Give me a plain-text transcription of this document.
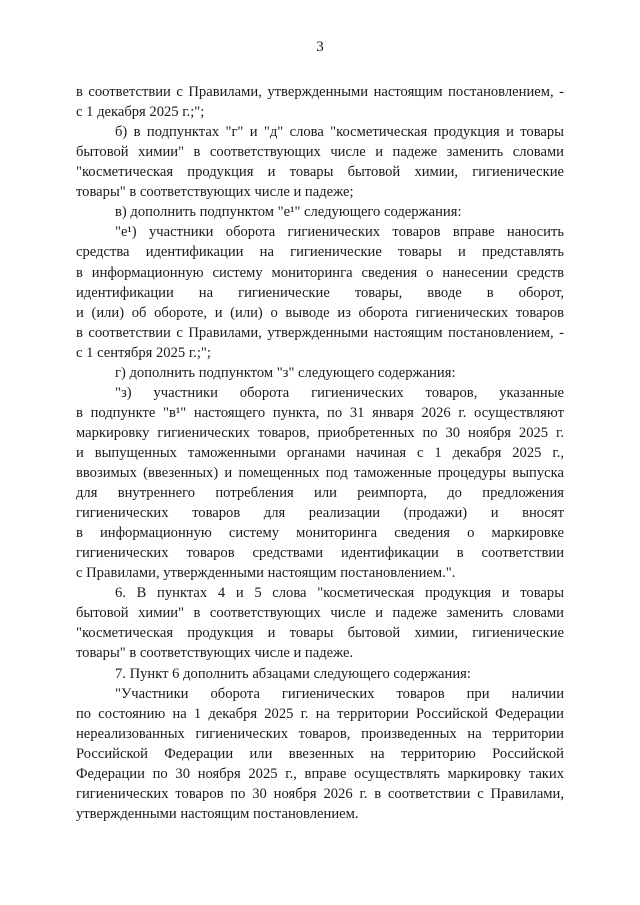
3
в соответствии с Правилами, утвержденными настоящим постановлением, -
с 1 декабря 2025 г.;";
б) в подпунктах "г" и "д" слова "косметическая продукция и товары
бытовой химии" в соответствующих числе и падеже заменить словами
"косметическая продукция и товары бытовой химии, гигиенические
товары" в соответствующих числе и падеже;
в) дополнить подпунктом "е¹" следующего содержания:
"е¹) участники оборота гигиенических товаров вправе наносить
средства идентификации на гигиенические товары и представлять
в информационную систему мониторинга сведения о нанесении средств
идентификации на гигиенические товары, вводе в оборот,
и (или) об обороте, и (или) о выводе из оборота гигиенических товаров
в соответствии с Правилами, утвержденными настоящим постановлением, -
с 1 сентября 2025 г.;";
г) дополнить подпунктом "з" следующего содержания:
"з) участники оборота гигиенических товаров, указанные
в подпункте "в¹" настоящего пункта, по 31 января 2026 г. осуществляют
маркировку гигиенических товаров, приобретенных по 30 ноября 2025 г.
и выпущенных таможенными органами начиная с 1 декабря 2025 г.,
ввозимых (ввезенных) и помещенных под таможенные процедуры выпуска
для внутреннего потребления или реимпорта, до предложения
гигиенических товаров для реализации (продажи) и вносят
в информационную систему мониторинга сведения о маркировке
гигиенических товаров средствами идентификации в соответствии
с Правилами, утвержденными настоящим постановлением.".
6. В пунктах 4 и 5 слова "косметическая продукция и товары
бытовой химии" в соответствующих числе и падеже заменить словами
"косметическая продукция и товары бытовой химии, гигиенические
товары" в соответствующих числе и падеже.
7. Пункт 6 дополнить абзацами следующего содержания:
"Участники оборота гигиенических товаров при наличии
по состоянию на 1 декабря 2025 г. на территории Российской Федерации
нереализованных гигиенических товаров, произведенных на территории
Российской Федерации или ввезенных на территорию Российской
Федерации по 30 ноября 2025 г., вправе осуществлять маркировку таких
гигиенических товаров по 30 ноября 2026 г. в соответствии с Правилами,
утвержденными настоящим постановлением.
